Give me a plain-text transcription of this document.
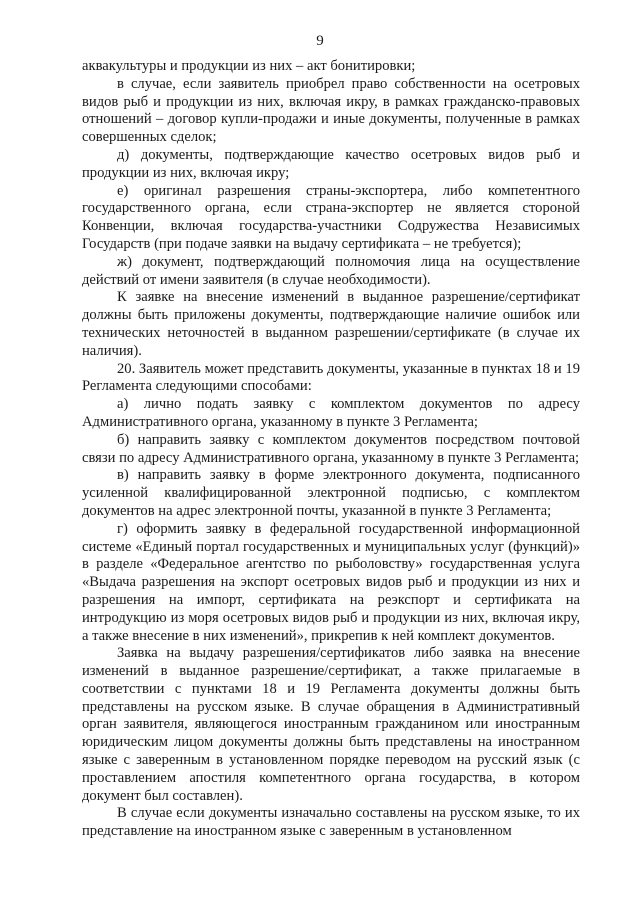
9

аквакультуры и продукции из них – акт бонитировки;

в случае, если заявитель приобрел право собственности на осетровых видов рыб и продукции из них, включая икру, в рамках гражданско-правовых отношений – договор купли-продажи и иные документы, полученные в рамках совершенных сделок;

д) документы, подтверждающие качество осетровых видов рыб и продукции из них, включая икру;

е) оригинал разрешения страны-экспортера, либо компетентного государственного органа, если страна-экспортер не является стороной Конвенции, включая государства-участники Содружества Независимых Государств (при подаче заявки на выдачу сертификата – не требуется);

ж) документ, подтверждающий полномочия лица на осуществление действий от имени заявителя (в случае необходимости).

К заявке на внесение изменений в выданное разрешение/сертификат должны быть приложены документы, подтверждающие наличие ошибок или технических неточностей в выданном разрешении/сертификате (в случае их наличия).

20. Заявитель может представить документы, указанные в пунктах 18 и 19 Регламента следующими способами:

а) лично подать заявку с комплектом документов по адресу Административного органа, указанному в пункте 3 Регламента;

б) направить заявку с комплектом документов посредством почтовой связи по адресу Административного органа, указанному в пункте 3 Регламента;

в) направить заявку в форме электронного документа, подписанного усиленной квалифицированной электронной подписью, с комплектом документов на адрес электронной почты, указанной в пункте 3 Регламента;

г) оформить заявку в федеральной государственной информационной системе «Единый портал государственных и муниципальных услуг (функций)» в разделе «Федеральное агентство по рыболовству» государственная услуга «Выдача разрешения на экспорт осетровых видов рыб и продукции из них и разрешения на импорт, сертификата на реэкспорт и сертификата на интродукцию из моря осетровых видов рыб и продукции из них, включая икру, а также внесение в них изменений», прикрепив к ней комплект документов.

Заявка на выдачу разрешения/сертификатов либо заявка на внесение изменений в выданное разрешение/сертификат, а также прилагаемые в соответствии с пунктами 18 и 19 Регламента документы должны быть представлены на русском языке. В случае обращения в Административный орган заявителя, являющегося иностранным гражданином или иностранным юридическим лицом документы должны быть представлены на иностранном языке с заверенным в установленном порядке переводом на русский язык (с проставлением апостиля компетентного органа государства, в котором документ был составлен).

В случае если документы изначально составлены на русском языке, то их представление на иностранном языке с заверенным в установленном
